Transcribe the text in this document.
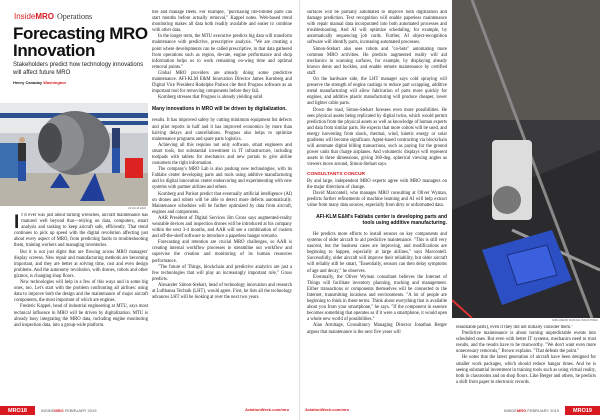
InsideMRO Operations
Forecasting MRO Innovation
Stakeholders predict how technology innovations will affect future MRO
Henry Canaday Washington
AFI-KLM E&M
I f it ever was just about turning wrenches, aircraft maintenance has matured well beyond that—relying on data, computers, smart analysis and tasking to keep aircraft safe, efficiently. That trend continues to pick up speed with the digital revolution affecting just about every aspect of MRO, from predicting faults to troubleshooting them, training workers and managing inventories.

But it is not just digits that are flowing across MRO managers' display screens. New repair and manufacturing methods are becoming important, and they are better at solving time, cost and even design problems. And the autonomy revolution, with drones, robots and other gizmos, is changing shop floors.

New technologies will help in a few of this ways and in some big ones, too. Let's start with the problem confronting all airlines: using data to improve both the design and the maintenance of major aircraft components, the most important of which are engines.

Frederic Kappel, head of industrial engineering at MTU, says most technical influence in MRO will be driven by digitalization. MTU is already busy integrating the MRO data, including engine monitoring and inspection data, into a group-wide platform.

ties and manage fleets. For example, "purchasing life-limited parts can start months before actually removal," Kappel notes. Web-based trend monitoring makes all data both readily available and easier to combine with other data.

In the longer term, the MTU executive predicts big data will transform maintenance with predictive, prescriptive analysis. "We are creating a point where developments can be called prescriptive, in that data gathered from operations such as region, de-rate, engine performance and shop information helps us to work remaining on-wing time and optimal removal points."

Global MRO providers are already doing some predictive maintenance. AFI-KLM E&M Innovation Director James Kornberg and Digital Vice President Rodolphe Parisot cite their Prognos software as an important tool for removing components before they fail.

Kornberg stresses that Prognos is already yielding solid

Many innovations in MRO will be driven by digitalization.

results. It has improved safety by cutting minimum equipment list defects and pilot reports in half and it has improved economics by more than halving delays and cancellations. Prognos also helps to optimize maintenance programs and spare parts logistics.

Achieving all this requires not only software, smart engineers and smart tools, but substantial investment in IT infrastructure, including toolpads with tablets for mechanics and new portals to give airline customers the right information.

The company's MRO Lab is also pushing new technologies, with its Fablabs center developing parts and tools using additive manufacturing and its digital innovation center endeavoring and experimenting with new systems with partner airlines and others.

Kornberg and Parisot predict that eventually artificial intelligence (AI) on drones and robots will be able to detect more defects automatically. Maintenance schedules will be further optimized by data from aircraft, engines and components.

AAR President of Digital Services Jim Gross says augmented-reality wearable devices and inspection drones will be introduced at his company within the next 3-4 months, and AAR will see a combination of custom and off-the-shelf software to introduce a paperless hangar scenario.

Forecasting and retention are crucial MRO challenges, so AAR is creating internal workflow processes to streamline our workflow and supervise the creation and monitoring of its human resources performance.

"The future of Things, blockchain and predictive analytics are just a few technologies that will play an increasingly important role," Gross predicts.

Alexander Simon-Stehart, head of technology innovation and research at Lufthansa Technik (LHT), would agree. First, he lists all the technology advances LHT will be looking at over the next two years.

surfaces will be partially automated to improve both digitization and damage prediction. Text recognition will enable paperless maintenance with repair manual data incorporated into both automated processes and troubleshooting. And AI will optimize scheduling, for example, by automatically sequencing job cards. Further, AI object-recognition software will identify parts, increasing automated processes.

Simon-Stehart also sees robots and "co-bots" automating more common MRO activities. He predicts augmented reality will aid mechanics in scanning surfaces, for example, by displaying already known dents and buckles, and enable remote maintenance by certified staff.

On the hardware side, the LHT manager says cold spraying will preserve the strength of engine castings to reduce part scrapping, additive metal manufacturing will allow fabrication of parts more quickly for engines, and additive plastic manufacturing will produce cheaper, lower and lighter cabin parts.

Down the road, Simon-Stehart foresees even more possibilities. He sees physical assets being replicated by digital twins, which would permit prediction from the physical assets as well as knowledge of human experts and data from similar parts. He expects that more cobots will be used, and energy harvesting from shock, thermal, wind, kinetic energy or solar gradients will become significant. Agent-based contracting via blockchain will automate digital billing transactions, such as paying for the ground power units that charge airplanes. And volumetric displays will represent assets in three dimensions, giving 360-deg. spherical viewing angles as viewers move around, Simon-Stehart says.

CONSULTANTS CONCUR

By and large, independent MRO experts agree with MRO managers on the major directions of change.

David Marcontell, who manages MRO consulting at Oliver Wyman, predicts further refinements of machine learning and AI will help extract value from many data sources, especially from dirty or unformatted data.

AFI-KLM E&M's Fablabs center is developing parts and tools using additive manufacturing.

He predicts more efforts to install sensors on key components and systems of older aircraft to aid predictive maintenance. "This is still very nascent, but the business cases are improving, and modifications are beginning to happen, especially at large airlines," says Marcontell. Successfully, older aircraft will improve their reliability, but older aircraft will reliably still be smart, "Essentially, sensors can then delay symptoms of age and decay," he observes.

Eventually, the Oliver Wyman consultant believes the Internet of Things will facilitate inventory planning, tracking and management. Either transactions or components themselves will be connected to the Internet, transmitting locations and environments. "A lot of people are beginning to think in these terms. Think about everything that is available about you from your smartphone," he says. "If the component in essence becomes something that operates as if it were a smartphone, it would open a whole new world of possibilities."

Alan Armitage, Consultancy Managing Director Jonathan Berger argues that maintenance is the next five years will

FABLAB/AIR FRANCE INDUSTRIES

reasonable parts), even if they did not initially consider them."

Predictive maintenance is about turning unpredictable events into scheduled ones. But even with better IT systems, mechanics need to trust results, and the results have to be trustworthy. "We don't want even more unnecessary removals," Brown explains. "That defeats the point."

He notes that the latest generation of aircraft have been designed for smaller work packages, which should reduce hangar times. And he is seeing substantial investment in training tools such as using virtual reality, both in classrooms and on shop floors. Like Berger and others, he predicts a shift from paper to electronic records.

MRO18	INSIDEMRO FEBRUARY 2019	AviationWeek.com/mro	AviationWeek.com/mro	INSIDEMRO FEBRUARY 2019	MRO19
